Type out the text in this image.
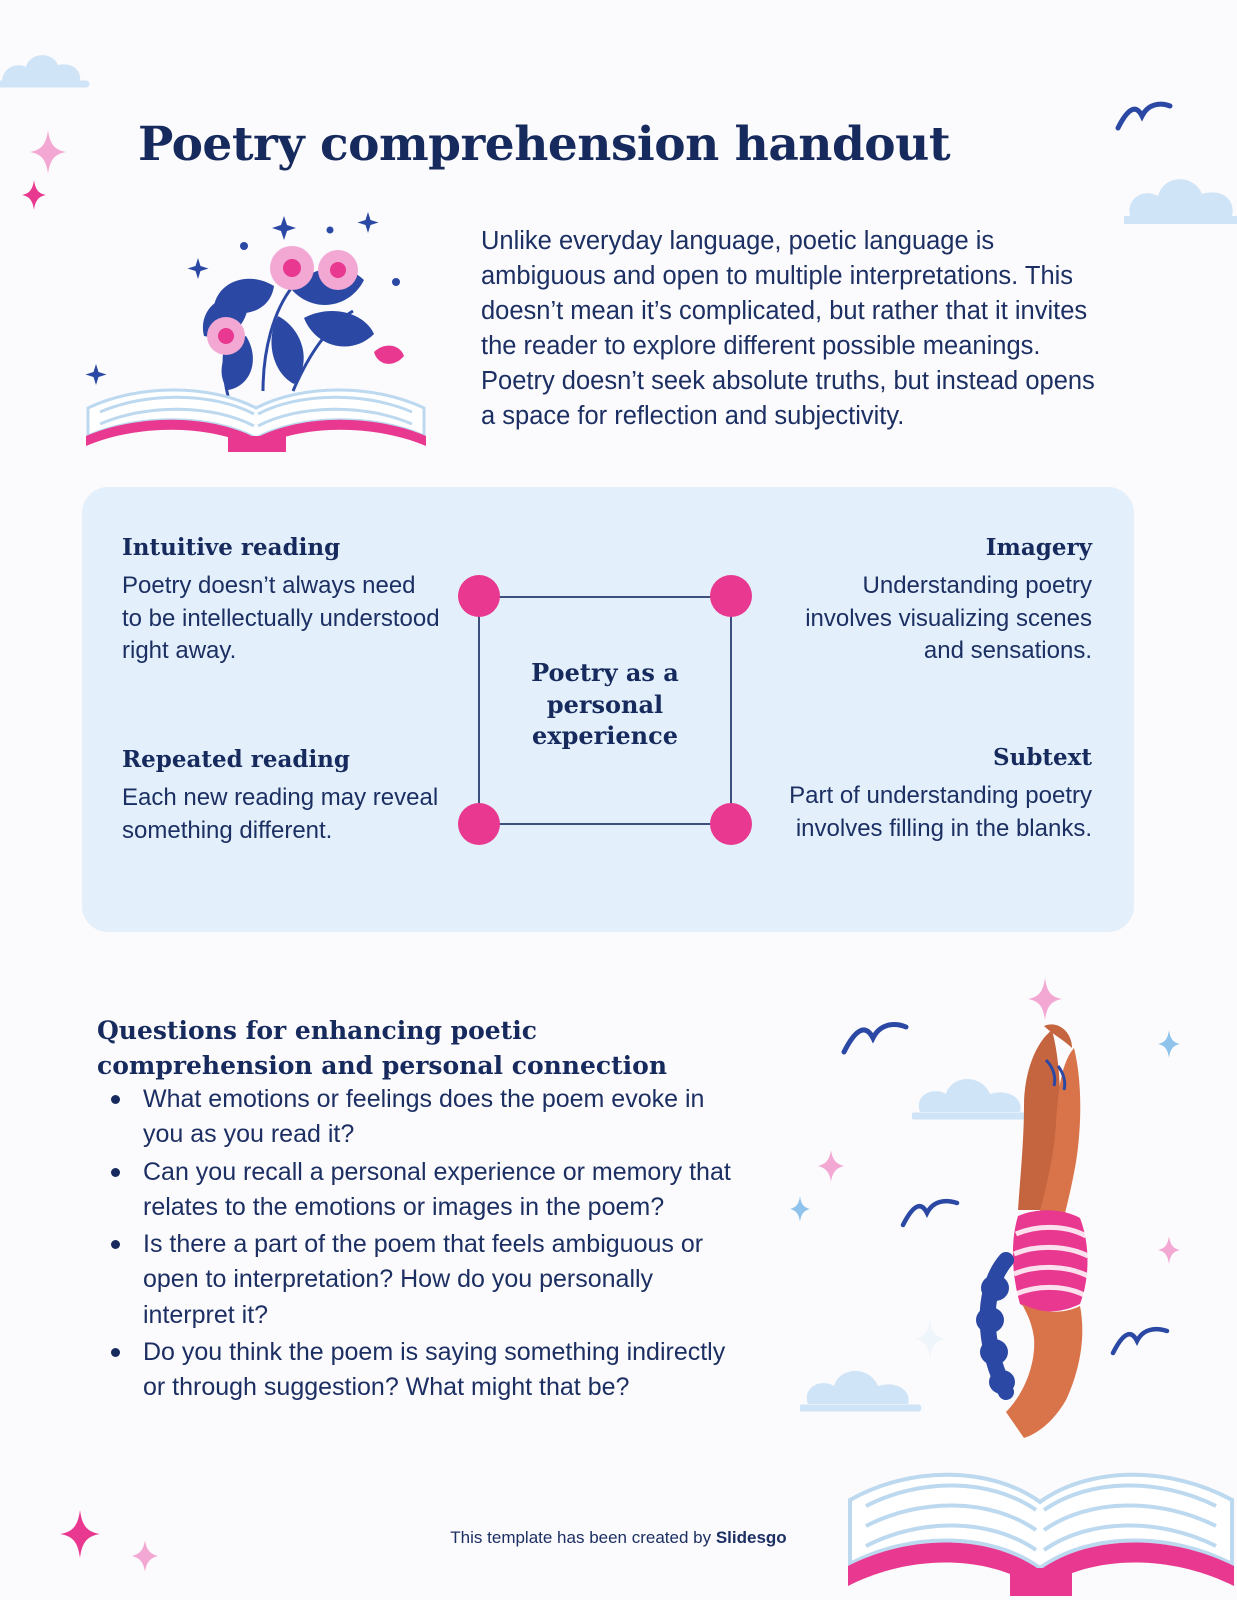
Poetry comprehension handout

Unlike everyday language, poetic language is ambiguous and open to multiple interpretations. This doesn’t mean it’s complicated, but rather that it invites the reader to explore different possible meanings. Poetry doesn’t seek absolute truths, but instead opens a space for reflection and subjectivity.

Intuitive reading
Poetry doesn’t always need to be intellectually understood right away.
Repeated reading
Each new reading may reveal something different.
Imagery
Understanding poetry involves visualizing scenes and sensations.
Subtext
Part of understanding poetry involves filling in the blanks.
Poetry as a personal experience
Questions for enhancing poetic comprehension and personal connection
What emotions or feelings does the poem evoke in you as you read it?
Can you recall a personal experience or memory that relates to the emotions or images in the poem?
Is there a part of the poem that feels ambiguous or open to interpretation? How do you personally interpret it?
Do you think the poem is saying something indirectly or through suggestion? What might that be?
This template has been created by Slidesgo
